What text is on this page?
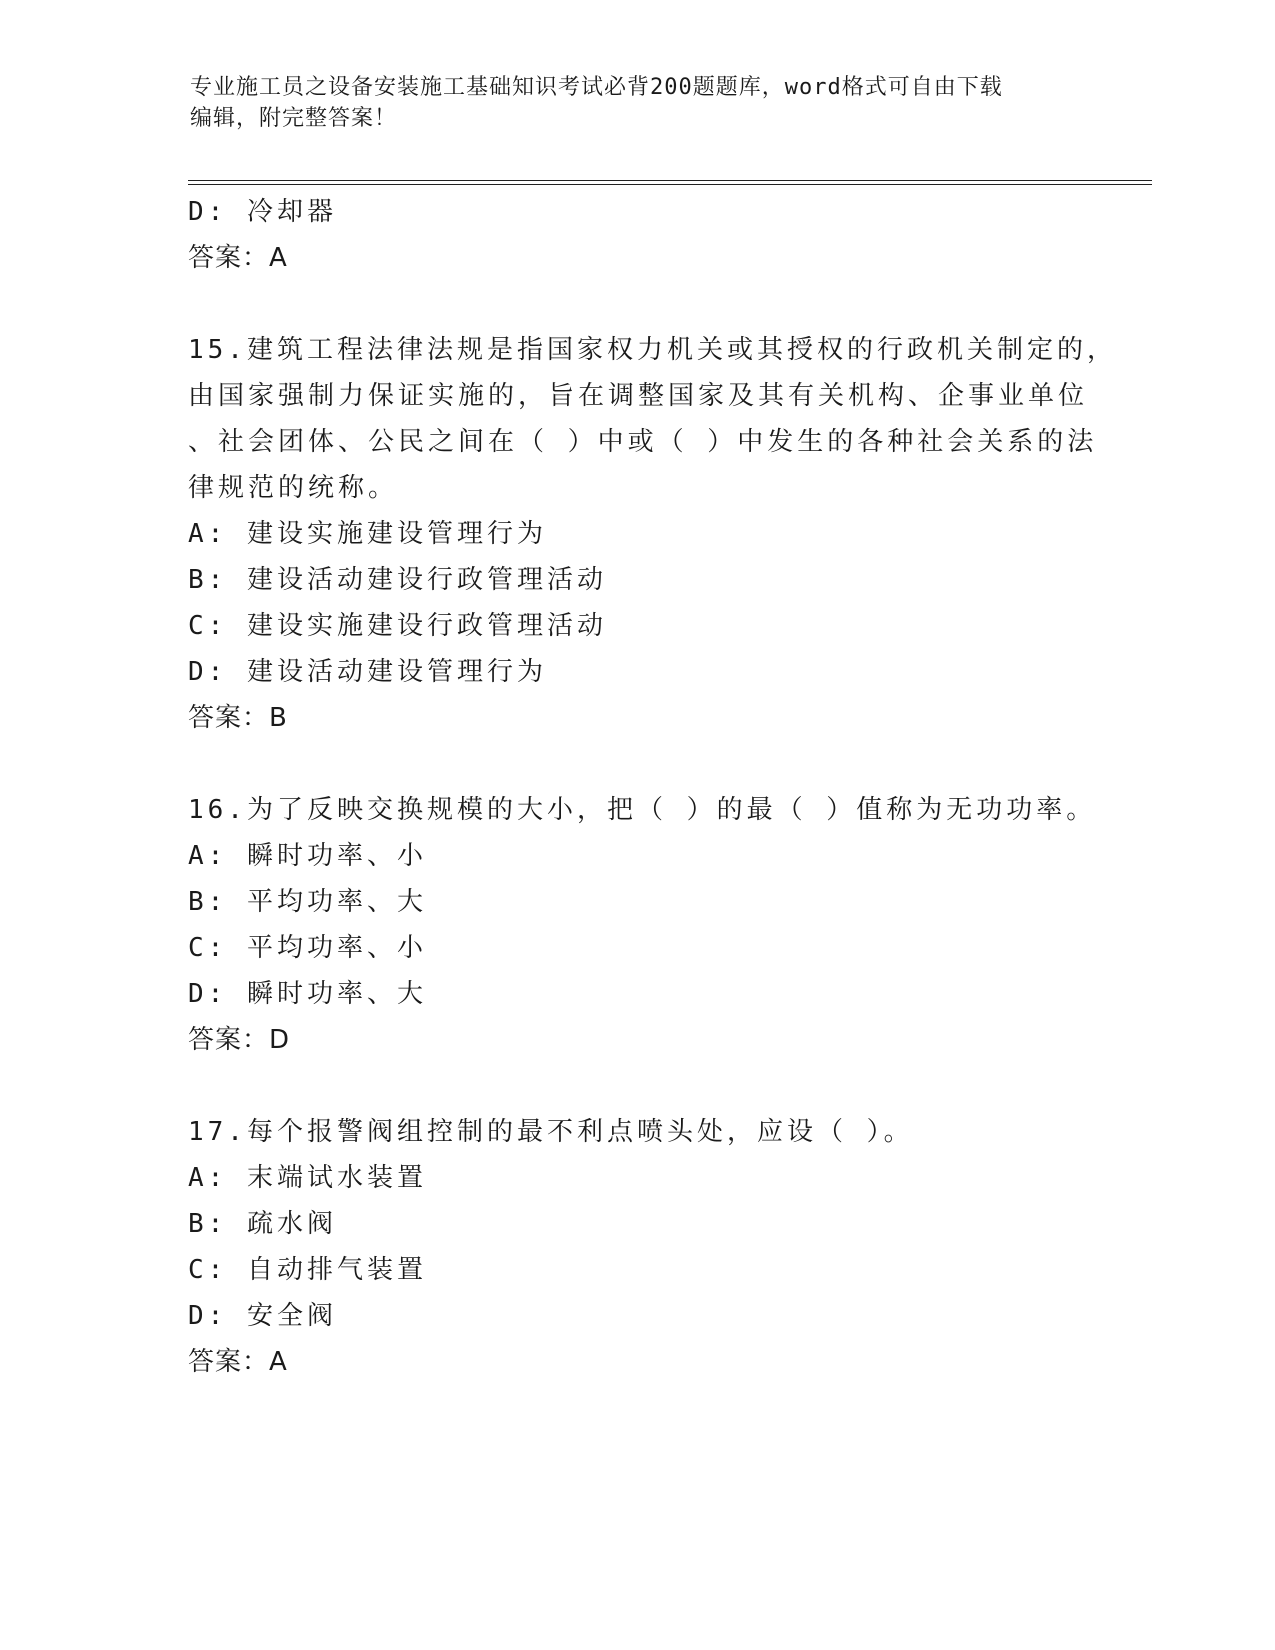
专业施工员之设备安装施工基础知识考试必背200题题库，word格式可自由下载
编辑，附完整答案！
D: 冷却器
答案：A
15.建筑工程法律法规是指国家权力机关或其授权的行政机关制定的，
由国家强制力保证实施的，旨在调整国家及其有关机构、企事业单位
、社会团体、公民之间在（ ）中或（ ）中发生的各种社会关系的法
律规范的统称。
A: 建设实施建设管理行为
B: 建设活动建设行政管理活动
C: 建设实施建设行政管理活动
D: 建设活动建设管理行为
答案：B
16.为了反映交换规模的大小，把（ ）的最（ ）值称为无功功率。
A: 瞬时功率、小
B: 平均功率、大
C: 平均功率、小
D: 瞬时功率、大
答案：D
17.每个报警阀组控制的最不利点喷头处，应设（ ）。
A: 末端试水装置
B: 疏水阀
C: 自动排气装置
D: 安全阀
答案：A
